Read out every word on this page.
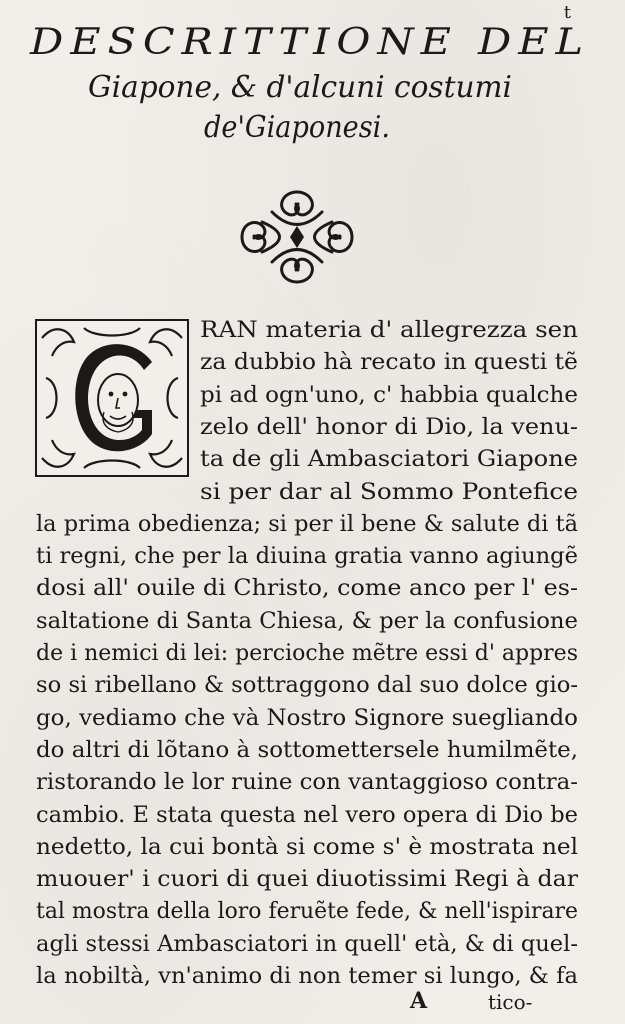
t
DESCRITTIONE DEL
Giapone, & d'alcuni costumi
de'Giaponesi.
RAN materia d' allegrezza sen
za dubbio hà recato in questi tẽ
pi ad ogn'uno, c' habbia qualche
zelo dell' honor di Dio, la venu-
ta de gli Ambasciatori Giapone
si per dar al Sommo Pontefice
la prima obedienza; si per il bene & salute di tã
ti regni, che per la diuina gratia vanno agiungẽ
dosi all' ouile di Christo, come anco per l' es-
saltatione di Santa Chiesa, & per la confusione
de i nemici di lei: percioche mẽtre essi d' appres
so si ribellano & sottraggono dal suo dolce gio-
go, vediamo che và Nostro Signore suegliando
do altri di lõtano à sottomettersele humilmẽte,
ristorando le lor ruine con vantaggioso contra-
cambio. E stata questa nel vero opera di Dio be
nedetto, la cui bontà si come s' è mostrata nel
muouer' i cuori di quei diuotissimi Regi à dar
tal mostra della loro feruẽte fede, & nell'ispirare
agli stessi Ambasciatori in quell' età, & di quel-
la nobiltà, vn'animo di non temer si lungo, & fa
A	tico-
